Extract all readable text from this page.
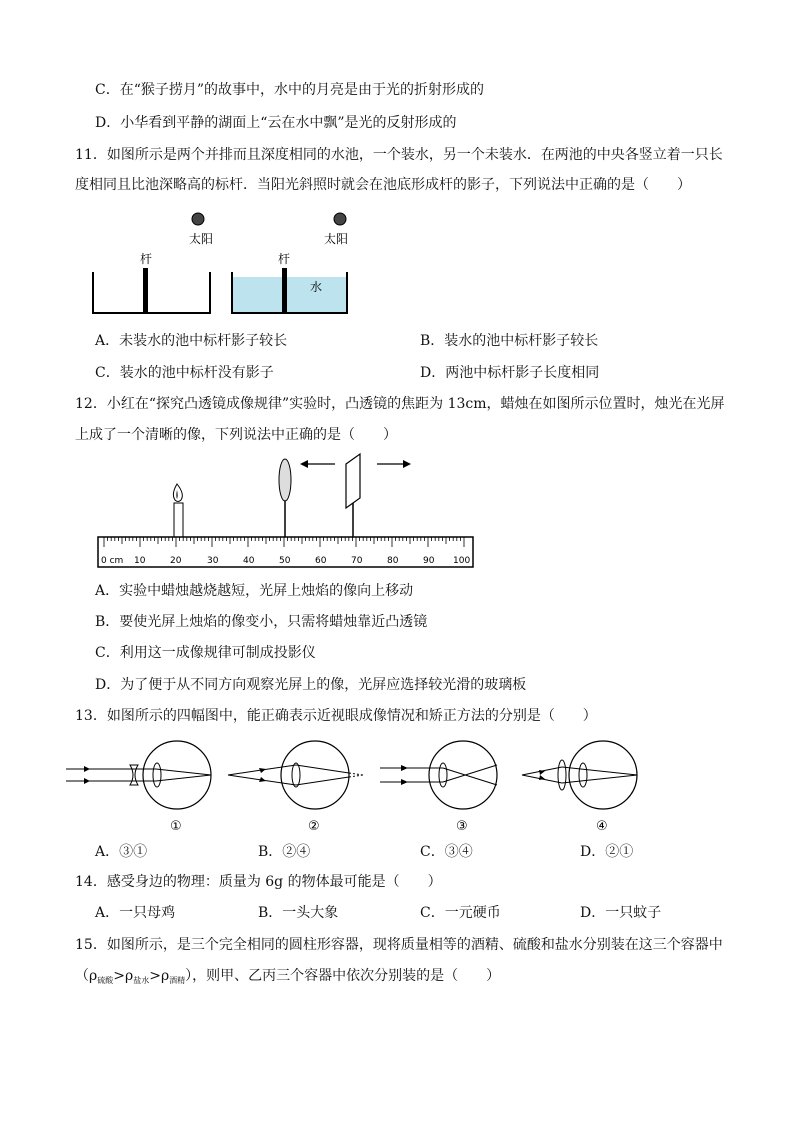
C．在“猴子捞月”的故事中，水中的月亮是由于光的折射形成的
D．小华看到平静的湖面上“云在水中飘”是光的反射形成的
11．如图所示是两个并排而且深度相同的水池，一个装水，另一个未装水．在两池的中央各竖立着一只长
度相同且比池深略高的标杆．当阳光斜照时就会在池底形成杆的影子，下列说法中正确的是（　　）
太阳
杆
太阳
杆
水
A．未装水的池中标杆影子较长	B．装水的池中标杆影子较长
C．装水的池中标杆没有影子	D．两池中标杆影子长度相同
12．小红在“探究凸透镜成像规律”实验时，凸透镜的焦距为 13cm，蜡烛在如图所示位置时，烛光在光屏
上成了一个清晰的像，下列说法中正确的是（　　）
0 cm 10	20	30	40	50	60	70	80	90 100
A．实验中蜡烛越烧越短，光屏上烛焰的像向上移动
B．要使光屏上烛焰的像变小，只需将蜡烛靠近凸透镜
C．利用这一成像规律可制成投影仪
D．为了便于从不同方向观察光屏上的像，光屏应选择较光滑的玻璃板
13．如图所示的四幅图中，能正确表示近视眼成像情况和矫正方法的分别是（　　）
①	②	③	④
A．③①	B．②④	C．③④	D．②①
14．感受身边的物理：质量为 6g 的物体最可能是（　　）
A．一只母鸡	B．一头大象	C．一元硬币	D．一只蚊子
15．如图所示，是三个完全相同的圆柱形容器，现将质量相等的酒精、硫酸和盐水分别装在这三个容器中
$(\rho_{硫酸}>\rho_{盐水}>\rho_{酒精})$，则甲、乙丙三个容器中依次分别装的是（　　）
